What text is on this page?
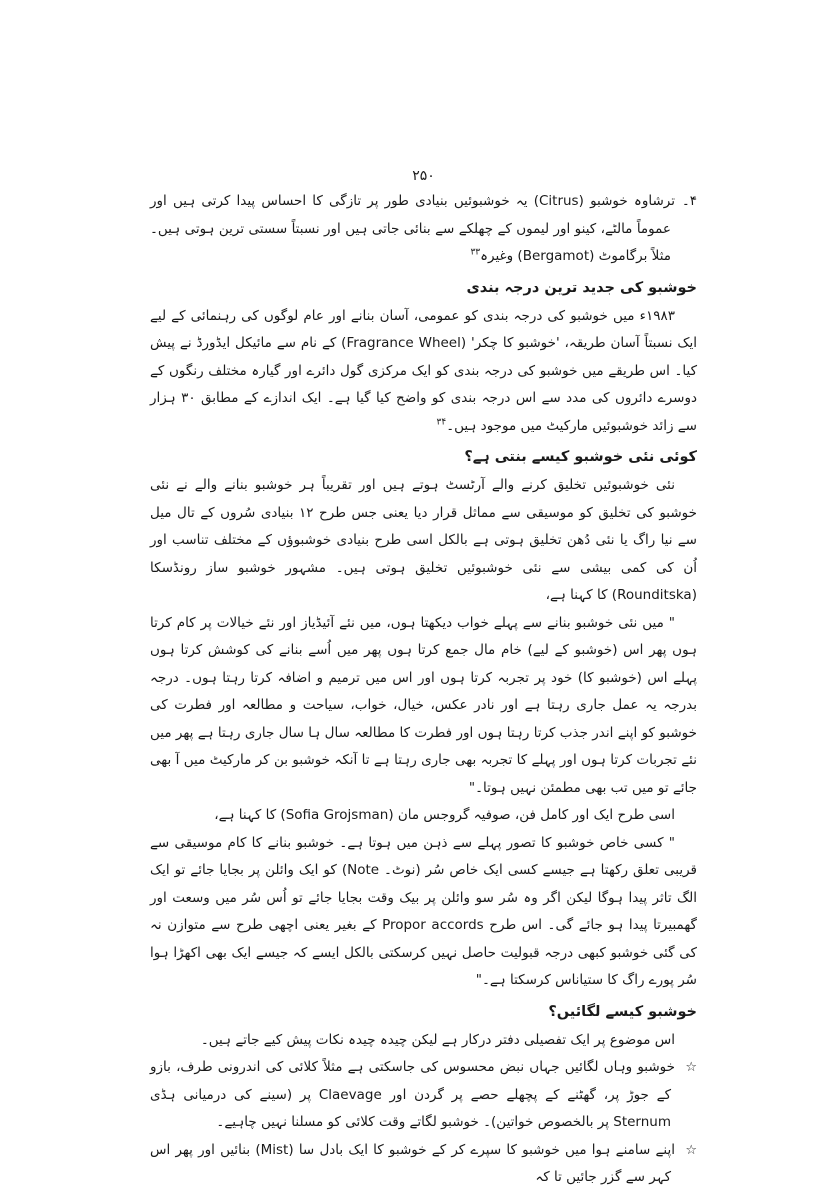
۲۵۰

۴۔ترشاوہ خوشبو (Citrus) یہ خوشبوئیں بنیادی طور پر تازگی کا احساس پیدا کرتی ہیں اور عموماً مالٹے، کینو اور لیموں کے چھلکے سے بنائی جاتی ہیں اور نسبتاً سستی ترین ہوتی ہیں۔ مثلاً برگاموٹ (Bergamot) وغیرہ$^{۳۳}$

خوشبو کی جدید ترین درجہ بندی

۱۹۸۳ء میں خوشبو کی درجہ بندی کو عمومی، آسان بنانے اور عام لوگوں کی رہنمائی کے لیے ایک نسبتاً آسان طریقہ، 'خوشبو کا چکر' (Fragrance Wheel) کے نام سے مائیکل ایڈورڈ نے پیش کیا۔ اس طریقے میں خوشبو کی درجہ بندی کو ایک مرکزی گول دائرے اور گیارہ مختلف رنگوں کے دوسرے دائروں کی مدد سے اس درجہ بندی کو واضح کیا گیا ہے۔ ایک اندازے کے مطابق ۳۰ ہزار سے زائد خوشبوئیں مارکیٹ میں موجود ہیں۔$^{۳۴}$

کوئی نئی خوشبو کیسے بنتی ہے؟

نئی خوشبوئیں تخلیق کرنے والے آرٹسٹ ہوتے ہیں اور تقریباً ہر خوشبو بنانے والے نے نئی خوشبو کی تخلیق کو موسیقی سے مماثل قرار دیا یعنی جس طرح ۱۲ بنیادی سُروں کے تال میل سے نیا راگ یا نئی دُھن تخلیق ہوتی ہے بالکل اسی طرح بنیادی خوشبوؤں کے مختلف تناسب اور اُن کی کمی بیشی سے نئی خوشبوئیں تخلیق ہوتی ہیں۔ مشہور خوشبو ساز رونڈسکا (Rounditska) کا کہنا ہے،

" میں نئی خوشبو بنانے سے پہلے خواب دیکھتا ہوں، میں نئے آئیڈیاز اور نئے خیالات پر کام کرتا ہوں پھر اس (خوشبو کے لیے) خام مال جمع کرتا ہوں پھر میں اُسے بنانے کی کوشش کرتا ہوں پہلے اس (خوشبو کا) خود پر تجربہ کرتا ہوں اور اس میں ترمیم و اضافہ کرتا رہتا ہوں۔ درجہ بدرجہ یہ عمل جاری رہتا ہے اور نادر عکس، خیال، خواب، سیاحت و مطالعہ اور فطرت کی خوشبو کو اپنے اندر جذب کرتا رہتا ہوں اور فطرت کا مطالعہ سال ہا سال جاری رہتا ہے پھر میں نئے تجربات کرتا ہوں اور پہلے کا تجربہ بھی جاری رہتا ہے تا آنکہ خوشبو بن کر مارکیٹ میں آ بھی جائے تو میں تب بھی مطمئن نہیں ہوتا۔"

اسی طرح ایک اور کامل فن، صوفیہ گروجس مان (Sofia Grojsman) کا کہنا ہے،

" کسی خاص خوشبو کا تصور پہلے سے ذہن میں ہوتا ہے۔ خوشبو بنانے کا کام موسیقی سے قریبی تعلق رکھتا ہے جیسے کسی ایک خاص سُر (نوٹ۔ Note) کو ایک وائلن پر بجایا جائے تو ایک الگ تاثر پیدا ہوگا لیکن اگر وہ سُر سو وائلن پر بیک وقت بجایا جائے تو اُس سُر میں وسعت اور گھمبیرتا پیدا ہو جائے گی۔ اس طرح Propor accords کے بغیر یعنی اچھی طرح سے متوازن نہ کی گئی خوشبو کبھی درجہ قبولیت حاصل نہیں کرسکتی بالکل ایسے کہ جیسے ایک بھی اکھڑا ہوا سُر پورے راگ کا ستیاناس کرسکتا ہے۔"

خوشبو کیسے لگائیں؟

اس موضوع پر ایک تفصیلی دفتر درکار ہے لیکن چیدہ چیدہ نکات پیش کیے جاتے ہیں۔

☆خوشبو وہاں لگائیں جہاں نبض محسوس کی جاسکتی ہے مثلاً کلائی کی اندرونی طرف، بازو کے جوڑ پر، گھٹنے کے پچھلے حصے پر گردن اور Claevage پر (سینے کی درمیانی ہڈی Sternum پر بالخصوص خواتین)۔ خوشبو لگاتے وقت کلائی کو مسلنا نہیں چاہیے۔

☆اپنے سامنے ہوا میں خوشبو کا سپرے کر کے خوشبو کا ایک بادل سا (Mist) بنائیں اور پھر اس کہر سے گزر جائیں تا کہ
